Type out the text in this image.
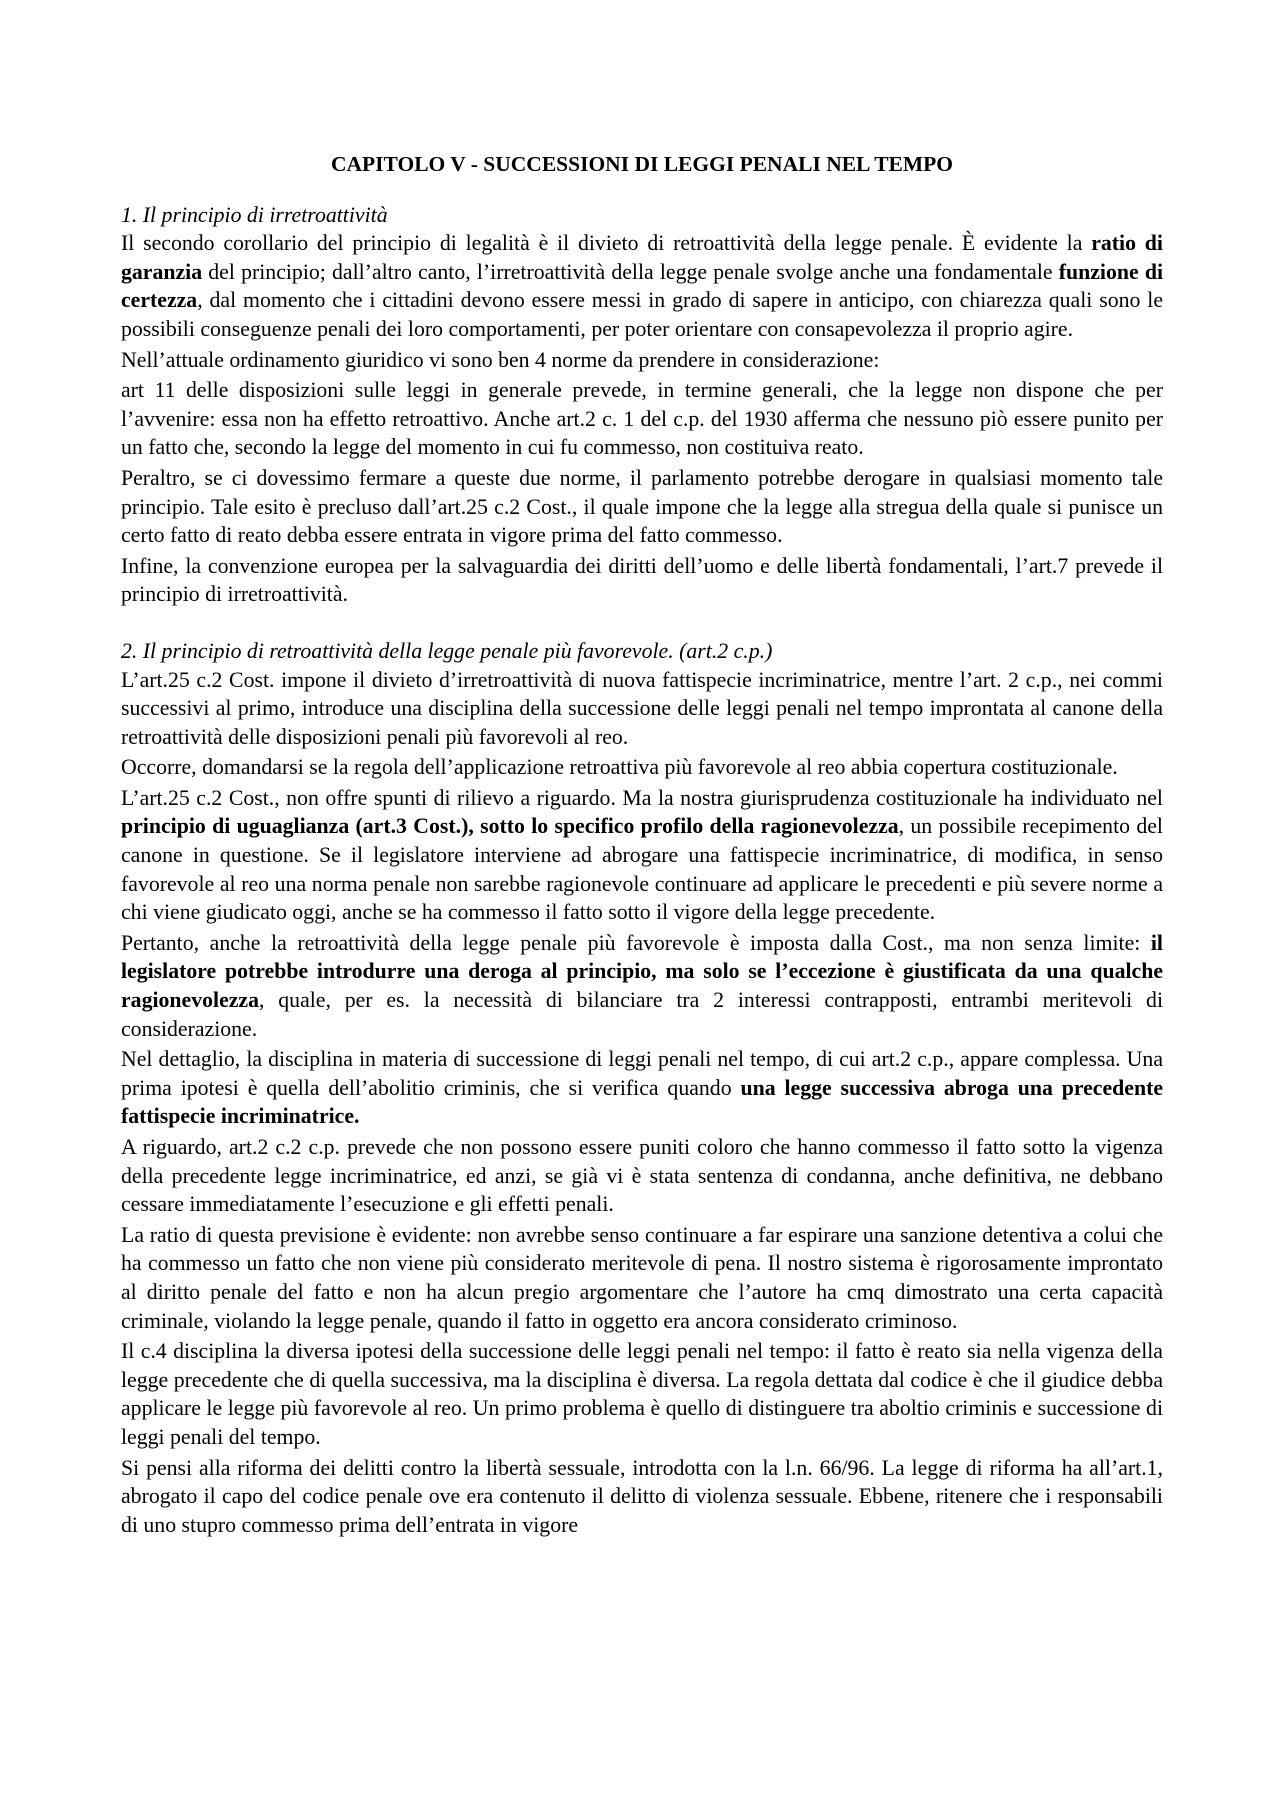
CAPITOLO V - SUCCESSIONI DI LEGGI PENALI NEL TEMPO
1. Il principio di irretroattività
Il secondo corollario del principio di legalità è il divieto di retroattività della legge penale. È evidente la ratio di garanzia del principio; dall’altro canto, l’irretroattività della legge penale svolge anche una fondamentale funzione di certezza, dal momento che i cittadini devono essere messi in grado di sapere in anticipo, con chiarezza quali sono le possibili conseguenze penali dei loro comportamenti, per poter orientare con consapevolezza il proprio agire.
Nell’attuale ordinamento giuridico vi sono ben 4 norme da prendere in considerazione:
art 11 delle disposizioni sulle leggi in generale prevede, in termine generali, che la legge non dispone che per l’avvenire: essa non ha effetto retroattivo. Anche art.2 c. 1 del c.p. del 1930 afferma che nessuno piò essere punito per un fatto che, secondo la legge del momento in cui fu commesso, non costituiva reato.
Peraltro, se ci dovessimo fermare a queste due norme, il parlamento potrebbe derogare in qualsiasi momento tale principio. Tale esito è precluso dall’art.25 c.2 Cost., il quale impone che la legge alla stregua della quale si punisce un certo fatto di reato debba essere entrata in vigore prima del fatto commesso.
Infine, la convenzione europea per la salvaguardia dei diritti dell’uomo e delle libertà fondamentali, l’art.7 prevede il principio di irretroattività.
2. Il principio di retroattività della legge penale più favorevole. (art.2 c.p.)
L’art.25 c.2 Cost. impone il divieto d’irretroattività di nuova fattispecie incriminatrice, mentre l’art. 2 c.p., nei commi successivi al primo, introduce una disciplina della successione delle leggi penali nel tempo improntata al canone della retroattività delle disposizioni penali più favorevoli al reo.
Occorre, domandarsi se la regola dell’applicazione retroattiva più favorevole al reo abbia copertura costituzionale.
L’art.25 c.2 Cost., non offre spunti di rilievo a riguardo. Ma la nostra giurisprudenza costituzionale ha individuato nel principio di uguaglianza (art.3 Cost.), sotto lo specifico profilo della ragionevolezza, un possibile recepimento del canone in questione. Se il legislatore interviene ad abrogare una fattispecie incriminatrice, di modifica, in senso favorevole al reo una norma penale non sarebbe ragionevole continuare ad applicare le precedenti e più severe norme a chi viene giudicato oggi, anche se ha commesso il fatto sotto il vigore della legge precedente.
Pertanto, anche la retroattività della legge penale più favorevole è imposta dalla Cost., ma non senza limite: il legislatore potrebbe introdurre una deroga al principio, ma solo se l’eccezione è giustificata da una qualche ragionevolezza, quale, per es. la necessità di bilanciare tra 2 interessi contrapposti, entrambi meritevoli di considerazione.
Nel dettaglio, la disciplina in materia di successione di leggi penali nel tempo, di cui art.2 c.p., appare complessa. Una prima ipotesi è quella dell’abolitio criminis, che si verifica quando una legge successiva abroga una precedente fattispecie incriminatrice.
A riguardo, art.2 c.2 c.p. prevede che non possono essere puniti coloro che hanno commesso il fatto sotto la vigenza della precedente legge incriminatrice, ed anzi, se già vi è stata sentenza di condanna, anche definitiva, ne debbano cessare immediatamente l’esecuzione e gli effetti penali.
La ratio di questa previsione è evidente: non avrebbe senso continuare a far espirare una sanzione detentiva a colui che ha commesso un fatto che non viene più considerato meritevole di pena. Il nostro sistema è rigorosamente improntato al diritto penale del fatto e non ha alcun pregio argomentare che l’autore ha cmq dimostrato una certa capacità criminale, violando la legge penale, quando il fatto in oggetto era ancora considerato criminoso.
Il c.4 disciplina la diversa ipotesi della successione delle leggi penali nel tempo: il fatto è reato sia nella vigenza della legge precedente che di quella successiva, ma la disciplina è diversa. La regola dettata dal codice è che il giudice debba applicare le legge più favorevole al reo. Un primo problema è quello di distinguere tra aboltio criminis e successione di leggi penali del tempo.
Si pensi alla riforma dei delitti contro la libertà sessuale, introdotta con la l.n. 66/96. La legge di riforma ha all’art.1, abrogato il capo del codice penale ove era contenuto il delitto di violenza sessuale. Ebbene, ritenere che i responsabili di uno stupro commesso prima dell’entrata in vigore
